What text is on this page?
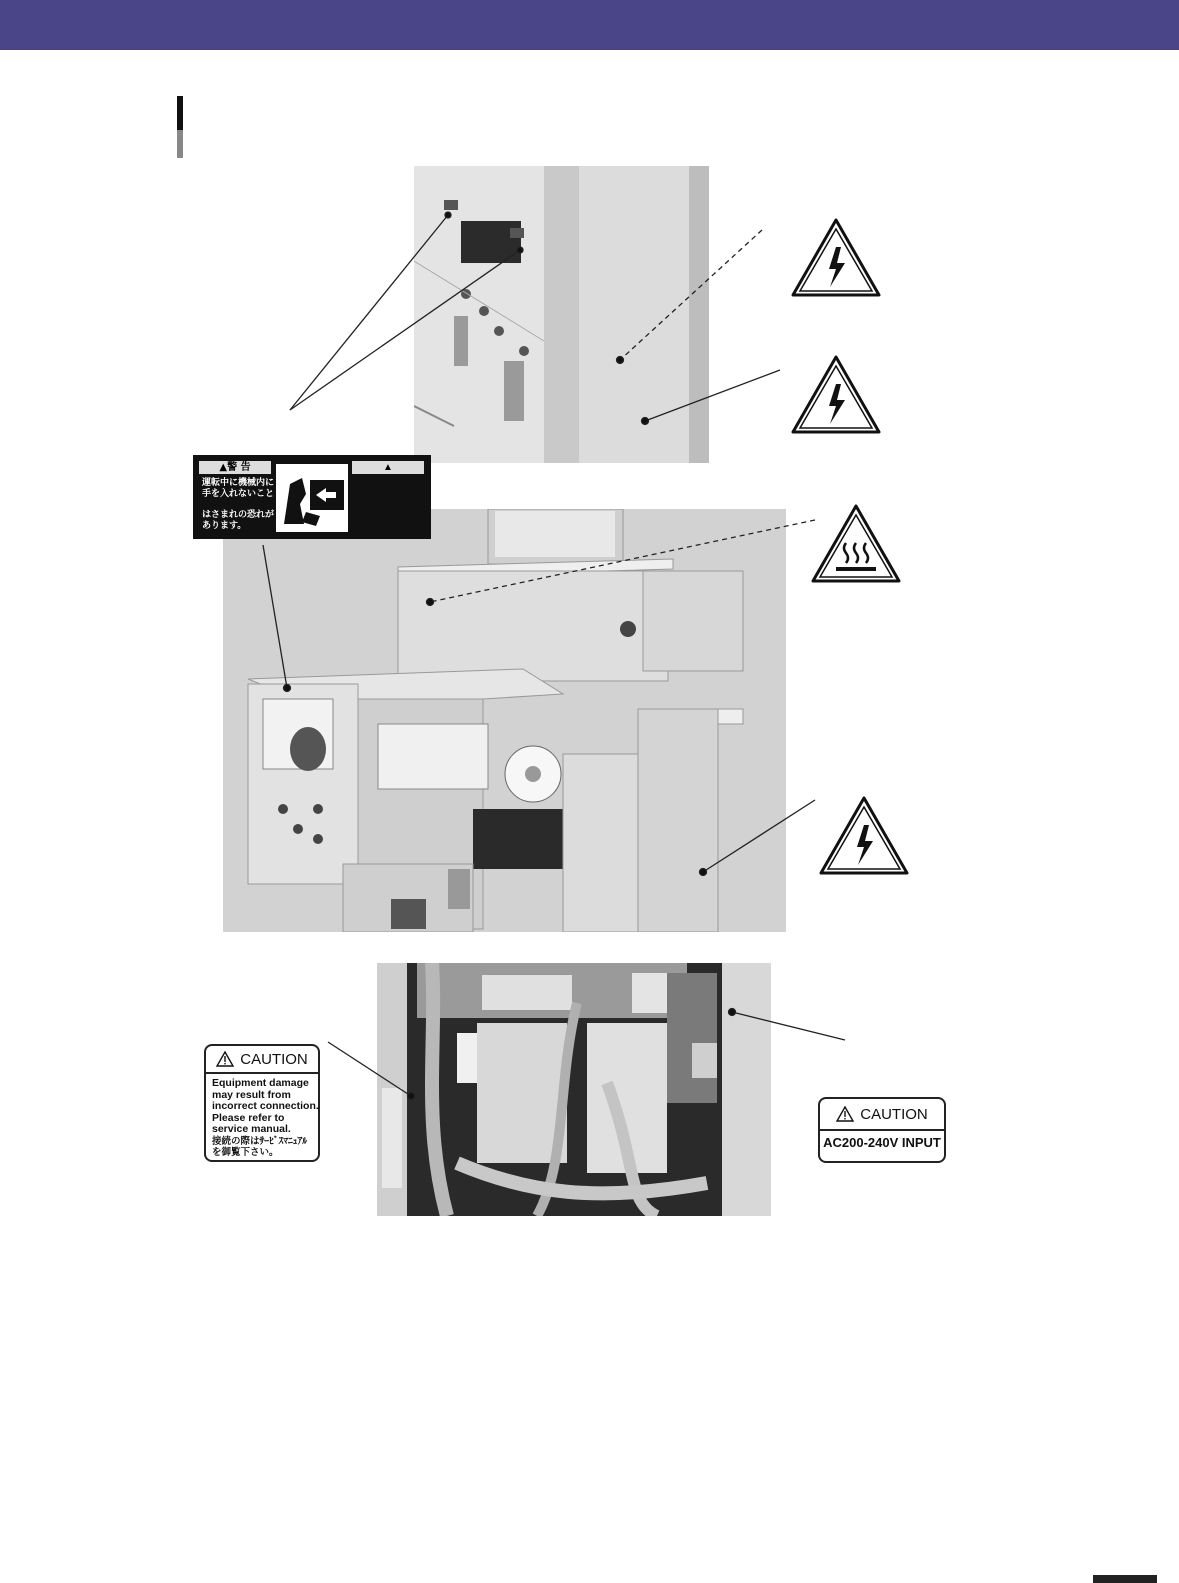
▲警 告	▲
運転中に機械内に
手を入れないこと
はさまれの恐れが
あります。
CAUTION
Equipment damage
may result from
incorrect connection.
Please refer to
service manual.
接続の際はｻｰﾋﾞｽﾏﾆｭｱﾙ
を御覧下さい。
CAUTION
AC200-240V INPUT
